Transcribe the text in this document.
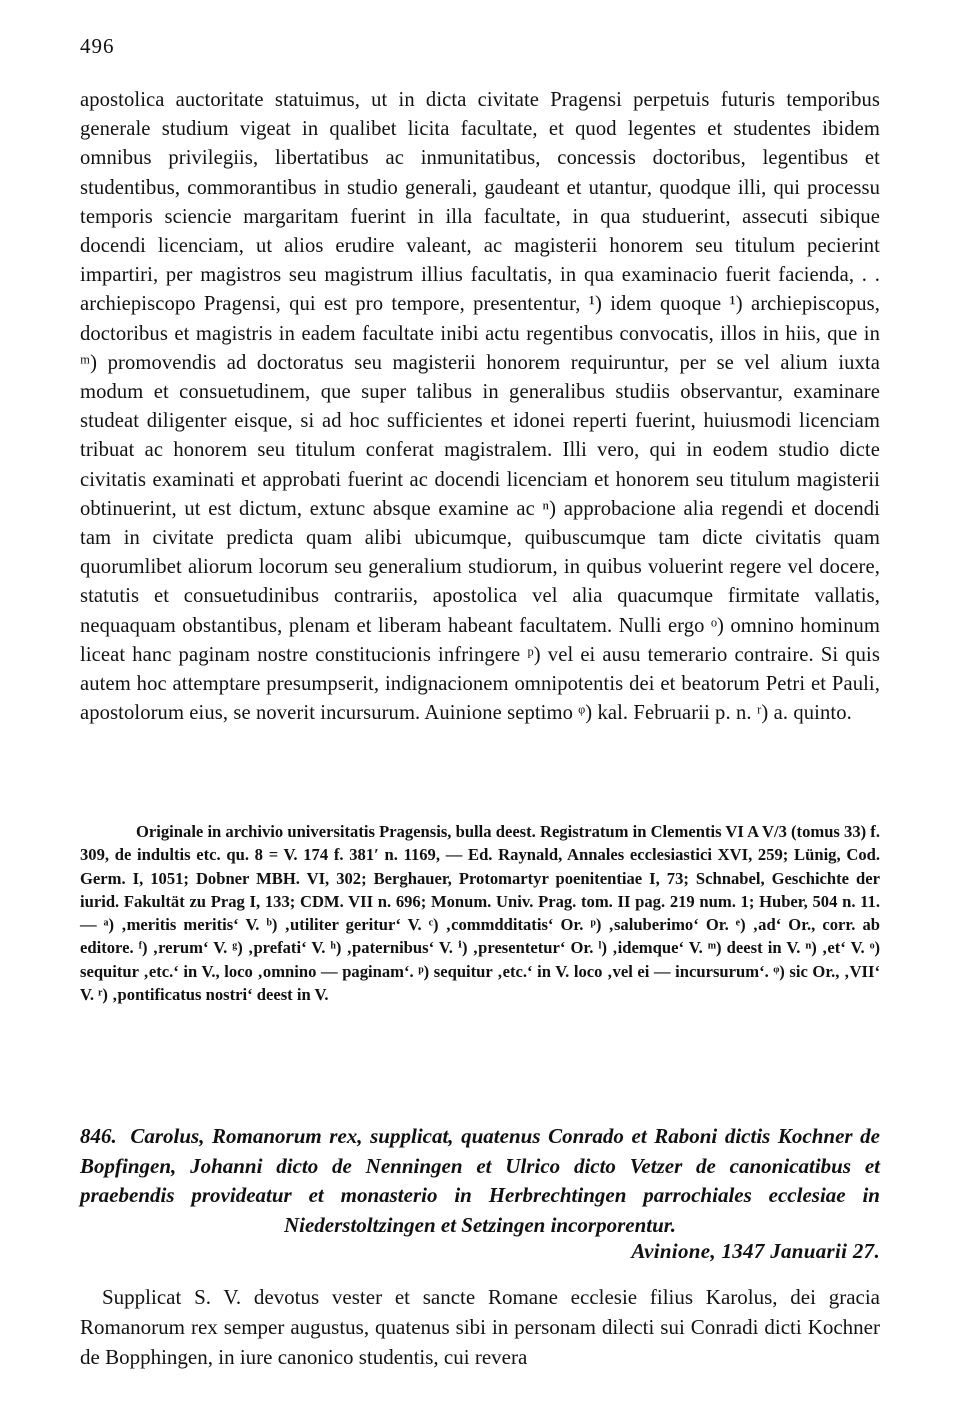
496
apostolica auctoritate statuimus, ut in dicta civitate Pragensi perpetuis futuris temporibus generale studium vigeat in qualibet licita facultate, et quod legentes et studentes ibidem omnibus privilegiis, libertatibus ac inmunitatibus, concessis doctoribus, legentibus et studentibus, commorantibus in studio generali, gaudeant et utantur, quodque illi, qui processu temporis sciencie margaritam fuerint in illa facultate, in qua studuerint, assecuti sibique docendi licenciam, ut alios erudire valeant, ac magisterii honorem seu titulum pecierint impartiri, per magistros seu magistrum illius facultatis, in qua examinacio fuerit facienda, . . archiepiscopo Pragensi, qui est pro tempore, presententur, ¹) idem quoque ¹) archiepiscopus, doctoribus et magistris in eadem facultate inibi actu regentibus convocatis, illos in hiis, que in ᵐ) promovendis ad doctoratus seu magisterii honorem requiruntur, per se vel alium iuxta modum et consuetudinem, que super talibus in generalibus studiis observantur, examinare studeat diligenter eisque, si ad hoc sufficientes et idonei reperti fuerint, huiusmodi licenciam tribuat ac honorem seu titulum conferat magistralem. Illi vero, qui in eodem studio dicte civitatis examinati et approbati fuerint ac docendi licenciam et honorem seu titulum magisterii obtinuerint, ut est dictum, extunc absque examine ac ⁿ) approbacione alia regendi et docendi tam in civitate predicta quam alibi ubicumque, quibuscumque tam dicte civitatis quam quorumlibet aliorum locorum seu generalium studiorum, in quibus voluerint regere vel docere, statutis et consuetudinibus contrariis, apostolica vel alia quacumque firmitate vallatis, nequaquam obstantibus, plenam et liberam habeant facultatem. Nulli ergo ᵒ) omnino hominum liceat hanc paginam nostre constitucionis infringere ᵖ) vel ei ausu temerario contraire. Si quis autem hoc attemptare presumpserit, indignacionem omnipotentis dei et beatorum Petri et Pauli, apostolorum eius, se noverit incursurum. Auinione septimo ᵠ) kal. Februarii p. n. ʳ) a. quinto.
Originale in archivio universitatis Pragensis, bulla deest. Registratum in Clementis VI A V/3 (tomus 33) f. 309, de indultis etc. qu. 8 = V. 174 f. 381′ n. 1169, — Ed. Raynald, Annales ecclesiastici XVI, 259; Lünig, Cod. Germ. I, 1051; Dobner MBH. VI, 302; Berghauer, Protomartyr poenitentiae I, 73; Schnabel, Geschichte der iurid. Fakultät zu Prag I, 133; CDM. VII n. 696; Monum. Univ. Prag. tom. II pag. 219 num. 1; Huber, 504 n. 11. — ᵃ) ‚meritis meritis‘ V. ᵇ) ‚utiliter geritur‘ V. ᶜ) ‚commdditatis‘ Or. ᵖ) ‚saluberimo‘ Or. ᵉ) ‚ad‘ Or., corr. ab editore. ᶠ) ‚rerum‘ V. ᵍ) ‚prefati‘ V. ʰ) ‚paternibus‘ V. ⁱ) ‚presentetur‘ Or. ˡ) ‚idemque‘ V. ᵐ) deest in V. ⁿ) ‚et‘ V. ᵒ) sequitur ‚etc.‘ in V., loco ‚omnino — paginam‘. ᵖ) sequitur ‚etc.‘ in V. loco ‚vel ei — incursurum‘. ᵠ) sic Or., ‚VII‘ V. ʳ) ‚pontificatus nostri‘ deest in V.
846. Carolus, Romanorum rex, supplicat, quatenus Conrado et Raboni dictis Kochner de Bopfingen, Johanni dicto de Nenningen et Ulrico dicto Vetzer de canonicatibus et praebendis provideatur et monasterio in Herbrechtingen parrochiales ecclesiae in Niederstoltzingen et Setzingen incorporentur.
Avinione, 1347 Januarii 27.
Supplicat S. V. devotus vester et sancte Romane ecclesie filius Karolus, dei gracia Romanorum rex semper augustus, quatenus sibi in personam dilecti sui Conradi dicti Kochner de Bopphingen, in iure canonico studentis, cui revera
